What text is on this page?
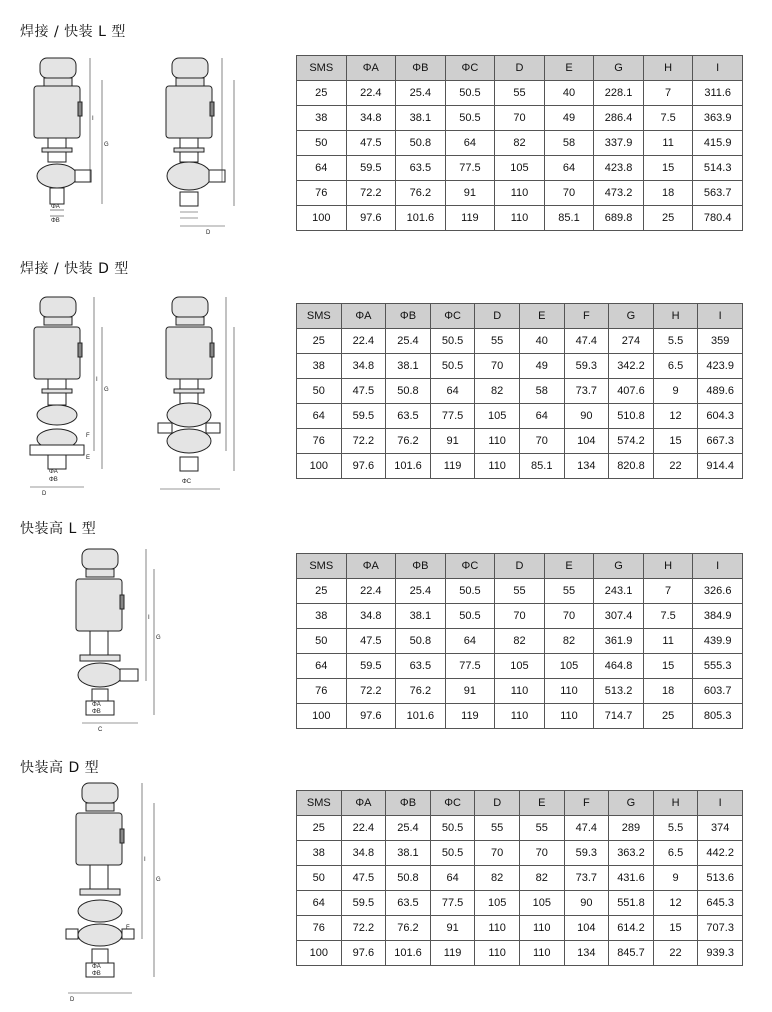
焊接 / 快装 L 型
I
G
ΦA
ΦB
D
SMS	ΦA	ΦB	ΦC	D	E	G	H	I
25	22.4	25.4	50.5	55	40	228.1	7	311.6
38	34.8	38.1	50.5	70	49	286.4	7.5	363.9
50	47.5	50.8	64	82	58	337.9	11	415.9
64	59.5	63.5	77.5	105	64	423.8	15	514.3
76	72.2	76.2	91	110	70	473.2	18	563.7
100	97.6	101.6	119	110	85.1	689.8	25	780.4
焊接 / 快装 D 型
I
G
F
E
ΦA
ΦB
D
ΦC
SMS	ΦA	ΦB	ΦC	D	E	F	G	H	I
25	22.4	25.4	50.5	55	40	47.4	274	5.5	359
38	34.8	38.1	50.5	70	49	59.3	342.2	6.5	423.9
50	47.5	50.8	64	82	58	73.7	407.6	9	489.6
64	59.5	63.5	77.5	105	64	90	510.8	12	604.3
76	72.2	76.2	91	110	70	104	574.2	15	667.3
100	97.6	101.6	119	110	85.1	134	820.8	22	914.4
快装高 L 型
I
G
ΦA
ΦB
C
SMS	ΦA	ΦB	ΦC	D	E	G	H	I
25	22.4	25.4	50.5	55	55	243.1	7	326.6
38	34.8	38.1	50.5	70	70	307.4	7.5	384.9
50	47.5	50.8	64	82	82	361.9	11	439.9
64	59.5	63.5	77.5	105	105	464.8	15	555.3
76	72.2	76.2	91	110	110	513.2	18	603.7
100	97.6	101.6	119	110	110	714.7	25	805.3
快装高 D 型
I
G
F
ΦA
ΦB
D
SMS	ΦA	ΦB	ΦC	D	E	F	G	H	I
25	22.4	25.4	50.5	55	55	47.4	289	5.5	374
38	34.8	38.1	50.5	70	70	59.3	363.2	6.5	442.2
50	47.5	50.8	64	82	82	73.7	431.6	9	513.6
64	59.5	63.5	77.5	105	105	90	551.8	12	645.3
76	72.2	76.2	91	110	110	104	614.2	15	707.3
100	97.6	101.6	119	110	110	134	845.7	22	939.3
